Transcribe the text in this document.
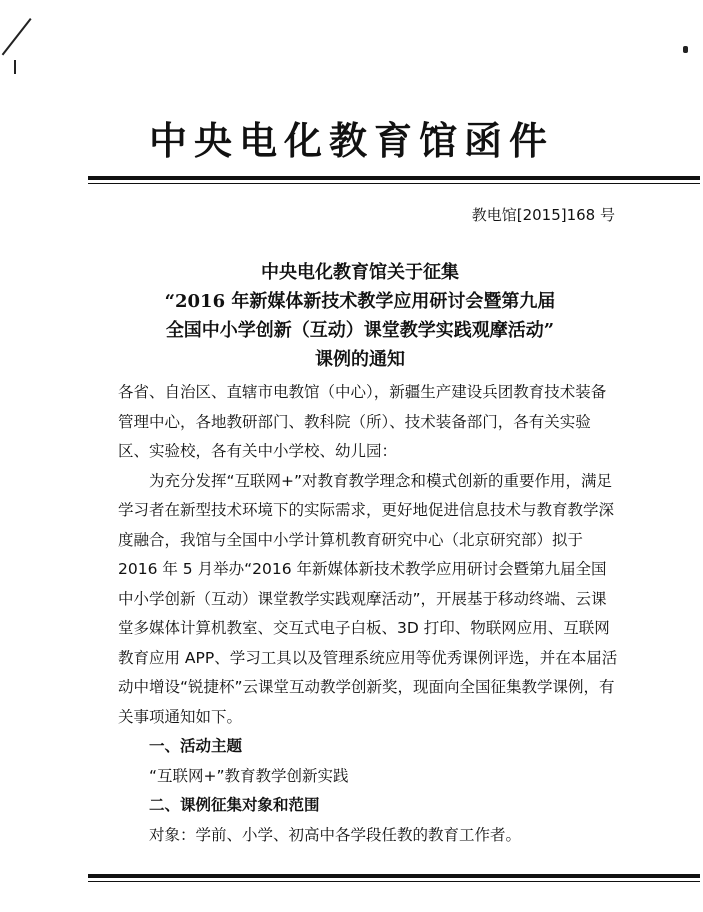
中央电化教育馆函件
教电馆[2015]168 号
中央电化教育馆关于征集
“2016 年新媒体新技术教学应用研讨会暨第九届
全国中小学创新（互动）课堂教学实践观摩活动”
课例的通知

各省、自治区、直辖市电教馆（中心），新疆生产建设兵团教育技术装备管理中心，各地教研部门、教科院（所）、技术装备部门，各有关实验区、实验校，各有关中小学校、幼儿园：

为充分发挥“互联网+”对教育教学理念和模式创新的重要作用，满足学习者在新型技术环境下的实际需求，更好地促进信息技术与教育教学深度融合，我馆与全国中小学计算机教育研究中心（北京研究部）拟于 2016 年 5 月举办“2016 年新媒体新技术教学应用研讨会暨第九届全国中小学创新（互动）课堂教学实践观摩活动”，开展基于移动终端、云课堂多媒体计算机教室、交互式电子白板、3D 打印、物联网应用、互联网教育应用 APP、学习工具以及管理系统应用等优秀课例评选，并在本届活动中增设“锐捷杯”云课堂互动教学创新奖，现面向全国征集教学课例，有关事项通知如下。

一、活动主题

“互联网+”教育教学创新实践

二、课例征集对象和范围

对象：学前、小学、初高中各学段任教的教育工作者。
